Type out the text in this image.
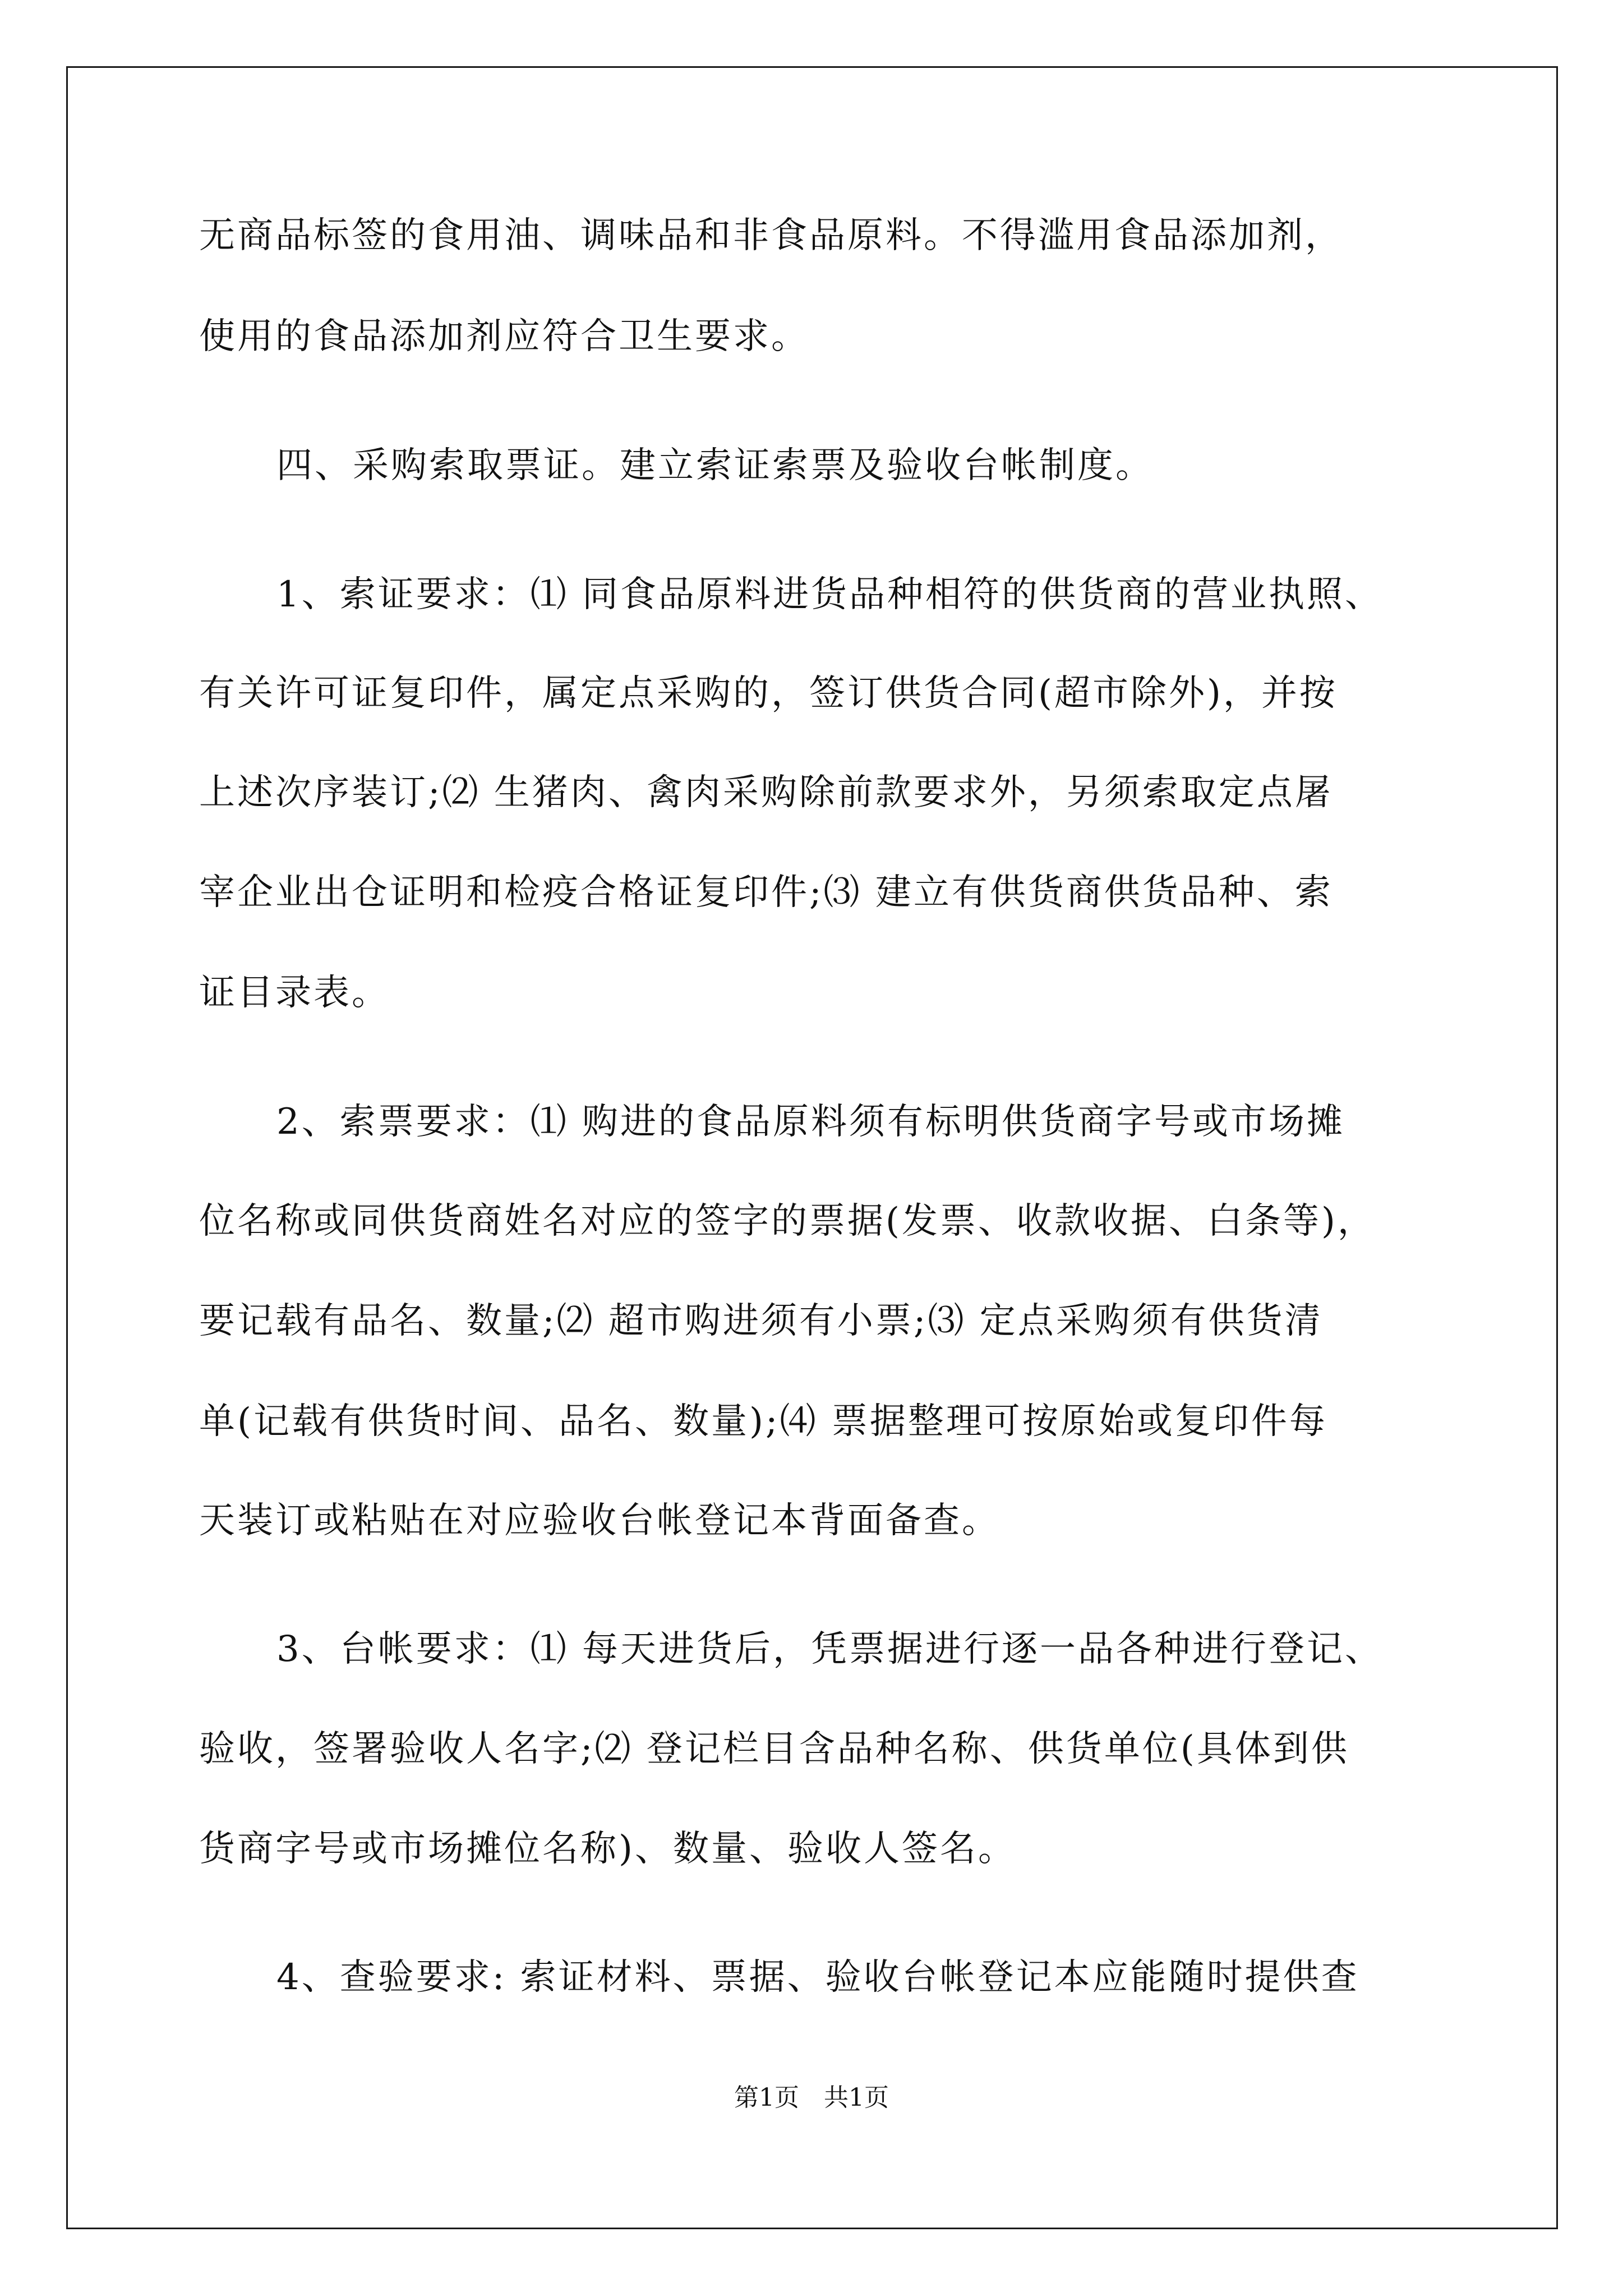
无商品标签的食用油、调味品和非食品原料。不得滥用食品添加剂，
使用的食品添加剂应符合卫生要求。
四、采购索取票证。建立索证索票及验收台帐制度。
1、索证要求：⑴ 同食品原料进货品种相符的供货商的营业执照、
有关许可证复印件，属定点采购的，签订供货合同(超市除外)，并按
上述次序装订;⑵ 生猪肉、禽肉采购除前款要求外，另须索取定点屠
宰企业出仓证明和检疫合格证复印件;⑶ 建立有供货商供货品种、索
证目录表。
2、索票要求：⑴ 购进的食品原料须有标明供货商字号或市场摊
位名称或同供货商姓名对应的签字的票据(发票、收款收据、白条等)，
要记载有品名、数量;⑵ 超市购进须有小票;⑶ 定点采购须有供货清
单(记载有供货时间、品名、数量);⑷ 票据整理可按原始或复印件每
天装订或粘贴在对应验收台帐登记本背面备查。
3、台帐要求：⑴ 每天进货后，凭票据进行逐一品各种进行登记、
验收，签署验收人名字;⑵ 登记栏目含品种名称、供货单位(具体到供
货商字号或市场摊位名称)、数量、验收人签名。
4、查验要求: 索证材料、票据、验收台帐登记本应能随时提供查
第1页　共1页
